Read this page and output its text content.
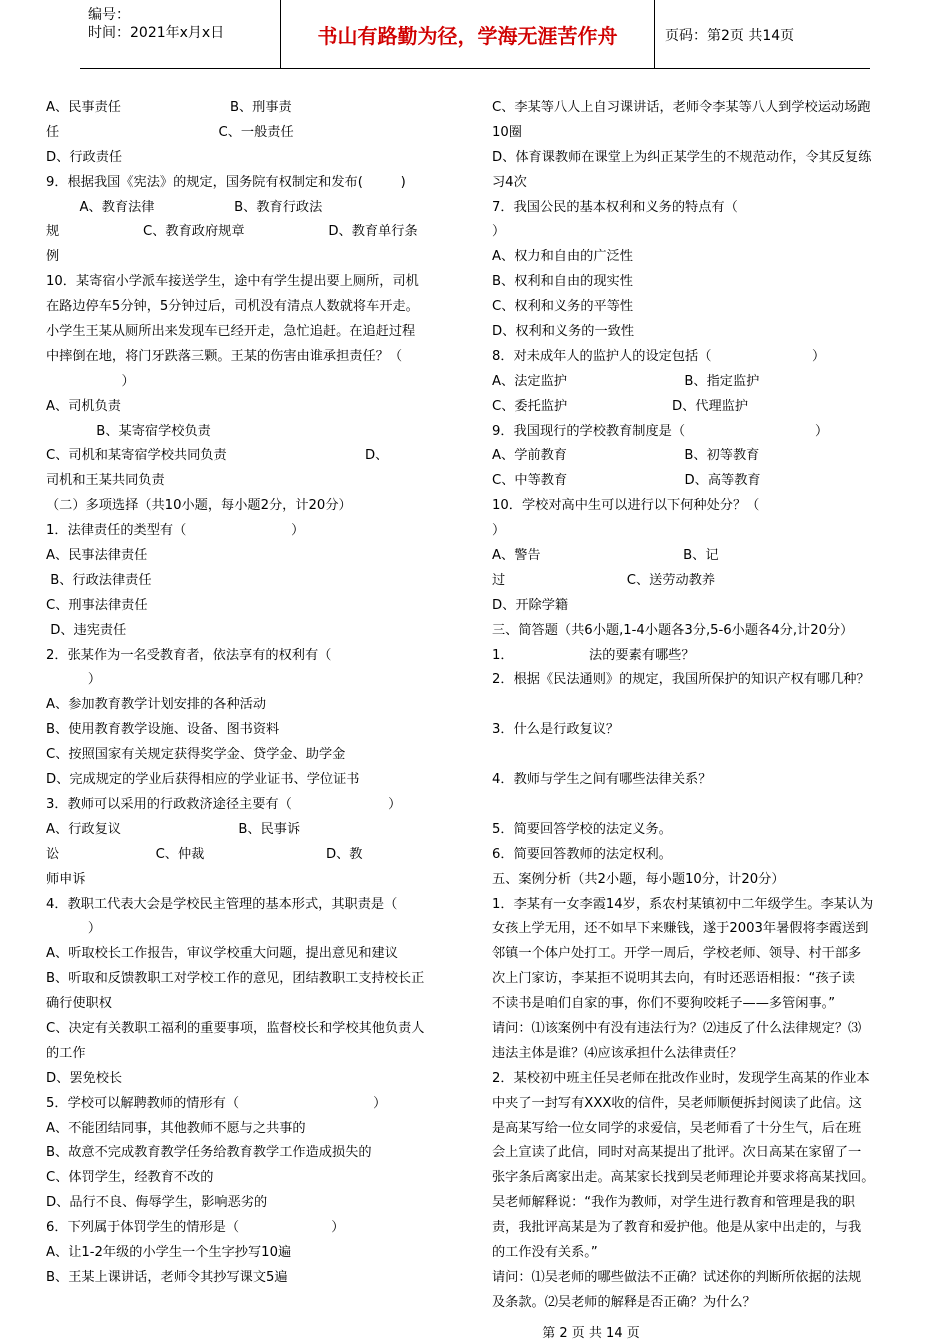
编号：
时间：2021年x月x日	书山有路勤为径，学海无涯苦作舟	页码：第2页 共14页
A、民事责任                          B、刑事责
任                                      C、一般责任
D、行政责任
9．根据我国《宪法》的规定，国务院有权制定和发布(         )
A、教育法律                   B、教育行政法
规                    C、教育政府规章                    D、教育单行条
例
10．某寄宿小学派车接送学生，途中有学生提出要上厕所，司机
在路边停车5分钟，5分钟过后，司机没有清点人数就将车开走。
小学生王某从厕所出来发现车已经开走，急忙追赶。在追赶过程
中摔倒在地，将门牙跌落三颗。王某的伤害由谁承担责任？（
）
A、司机负责
B、某寄宿学校负责
C、司机和某寄宿学校共同负责                                 D、
司机和王某共同负责
（二）多项选择（共10小题，每小题2分，计20分）
1．法律责任的类型有（                         ）
A、民事法律责任
B、行政法律责任
C、刑事法律责任
D、违宪责任
2．张某作为一名受教育者，依法享有的权利有（
）
A、参加教育教学计划安排的各种活动
B、使用教育教学设施、设备、图书资料
C、按照国家有关规定获得奖学金、贷学金、助学金
D、完成规定的学业后获得相应的学业证书、学位证书
3．教师可以采用的行政救济途径主要有（                       ）
A、行政复议                            B、民事诉
讼                       C、仲裁                             D、教
师申诉
4．教职工代表大会是学校民主管理的基本形式，其职责是（
）
A、听取校长工作报告，审议学校重大问题，提出意见和建议
B、听取和反馈教职工对学校工作的意见，团结教职工支持校长正
确行使职权
C、决定有关教职工福利的重要事项，监督校长和学校其他负责人
的工作
D、罢免校长
5．学校可以解聘教师的情形有（                                ）
A、不能团结同事，其他教师不愿与之共事的
B、故意不完成教育教学任务给教育教学工作造成损失的
C、体罚学生，经教育不改的
D、品行不良、侮辱学生，影响恶劣的
6．下列属于体罚学生的情形是（                      ）
A、让1-2年级的小学生一个生字抄写10遍
B、王某上课讲话，老师令其抄写课文5遍
C、李某等八人上自习课讲话，老师令李某等八人到学校运动场跑
10圈
D、体育课教师在课堂上为纠正某学生的不规范动作，令其反复练
习4次
7．我国公民的基本权利和义务的特点有（
）
A、权力和自由的广泛性
B、权利和自由的现实性
C、权利和义务的平等性
D、权利和义务的一致性
8．对未成年人的监护人的设定包括（                        ）
A、法定监护                            B、指定监护
C、委托监护                         D、代理监护
9．我国现行的学校教育制度是（                               ）
A、学前教育                            B、初等教育
C、中等教育                            D、高等教育
10．学校对高中生可以进行以下何种处分？（
）
A、警告                                  B、记
过                             C、送劳动教养
D、开除学籍
三、简答题（共6小题,1-4小题各3分,5-6小题各4分,计20分）
1．                  法的要素有哪些？
2．根据《民法通则》的规定，我国所保护的知识产权有哪几种？
3．什么是行政复议？
4．教师与学生之间有哪些法律关系？
5．简要回答学校的法定义务。
6．简要回答教师的法定权利。
五、案例分析（共2小题，每小题10分，计20分）
1．李某有一女李霞14岁，系农村某镇初中二年级学生。李某认为
女孩上学无用，还不如早下来赚钱，遂于2003年暑假将李霞送到
邻镇一个体户处打工。开学一周后，学校老师、领导、村干部多
次上门家访，李某拒不说明其去向，有时还恶语相报：“孩子读
不读书是咱们自家的事，你们不要狗咬耗子——多管闲事。”
请问：⑴该案例中有没有违法行为？⑵违反了什么法律规定？⑶
违法主体是谁？⑷应该承担什么法律责任？
2．某校初中班主任吴老师在批改作业时，发现学生高某的作业本
中夹了一封写有XXX收的信件，吴老师顺便拆封阅读了此信。这
是高某写给一位女同学的求爱信，吴老师看了十分生气，后在班
会上宣读了此信，同时对高某提出了批评。次日高某在家留了一
张字条后离家出走。高某家长找到吴老师理论并要求将高某找回。
吴老师解释说：“我作为教师，对学生进行教育和管理是我的职
责，我批评高某是为了教育和爱护他。他是从家中出走的，与我
的工作没有关系。”
请问：⑴吴老师的哪些做法不正确？试述你的判断所依据的法规
及条款。⑵吴老师的解释是否正确？为什么？
第 2 页 共 14 页
